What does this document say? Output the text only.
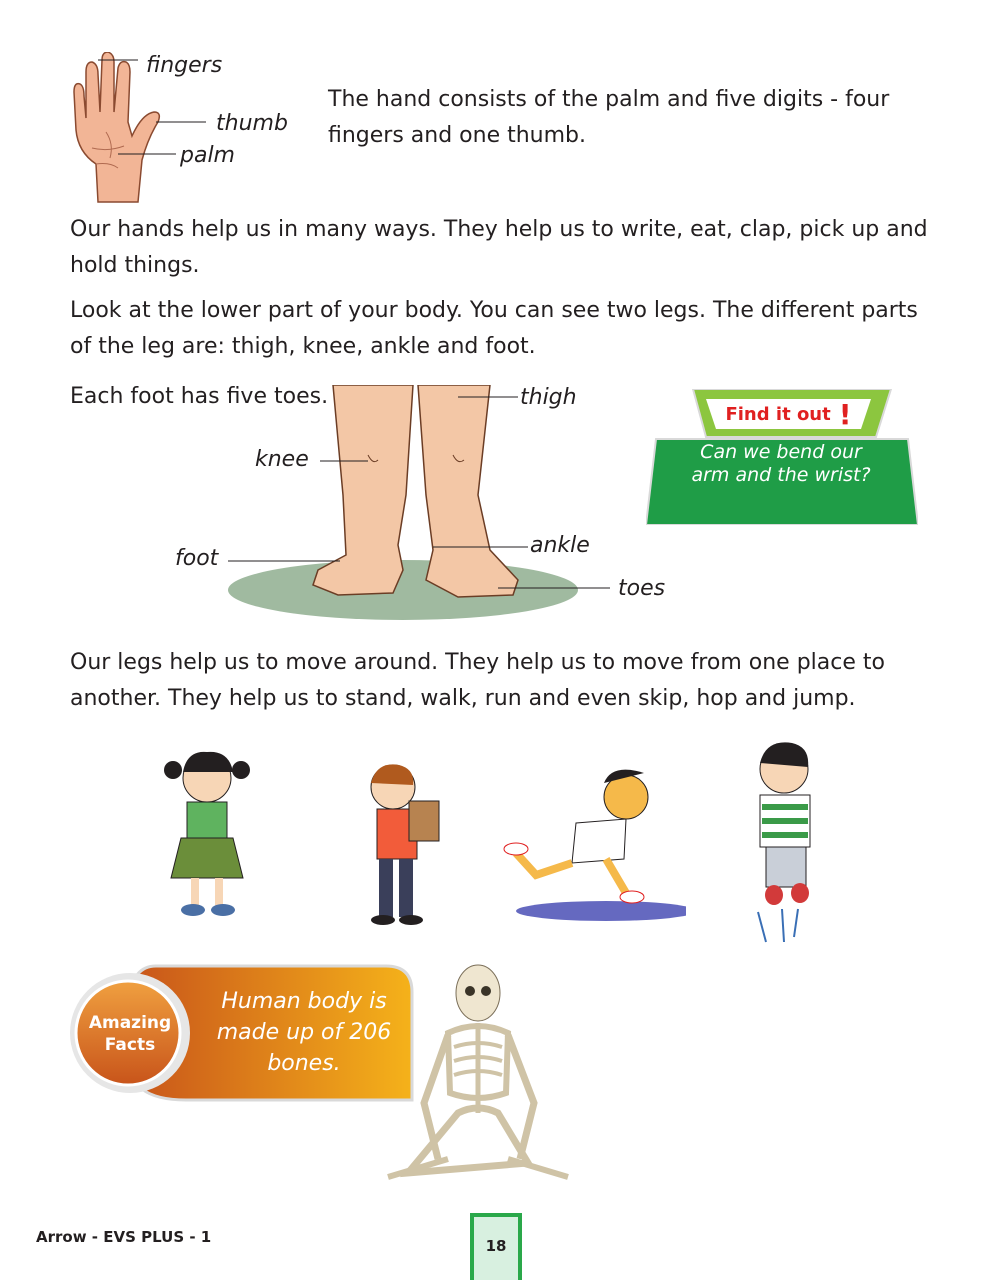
fingers
thumb
palm

The hand consists of the palm and five digits - four fingers and one thumb.

Our hands help us in many ways. They help us to write, eat, clap, pick up and hold things.

Look at the lower part of your body. You can see two legs. The different parts of the leg are: thigh, knee, ankle and foot.

Each foot has five toes.	thigh
knee
ankle
foot
toes
Find it out !

Can we bend our arm and the wrist?

Our legs help us to move around. They help us to move from one place to another. They help us to stand, walk, run and even skip, hop and jump.

Amazing Facts

Human body is made up of 206 bones.

Arrow - EVS PLUS - 1	18
